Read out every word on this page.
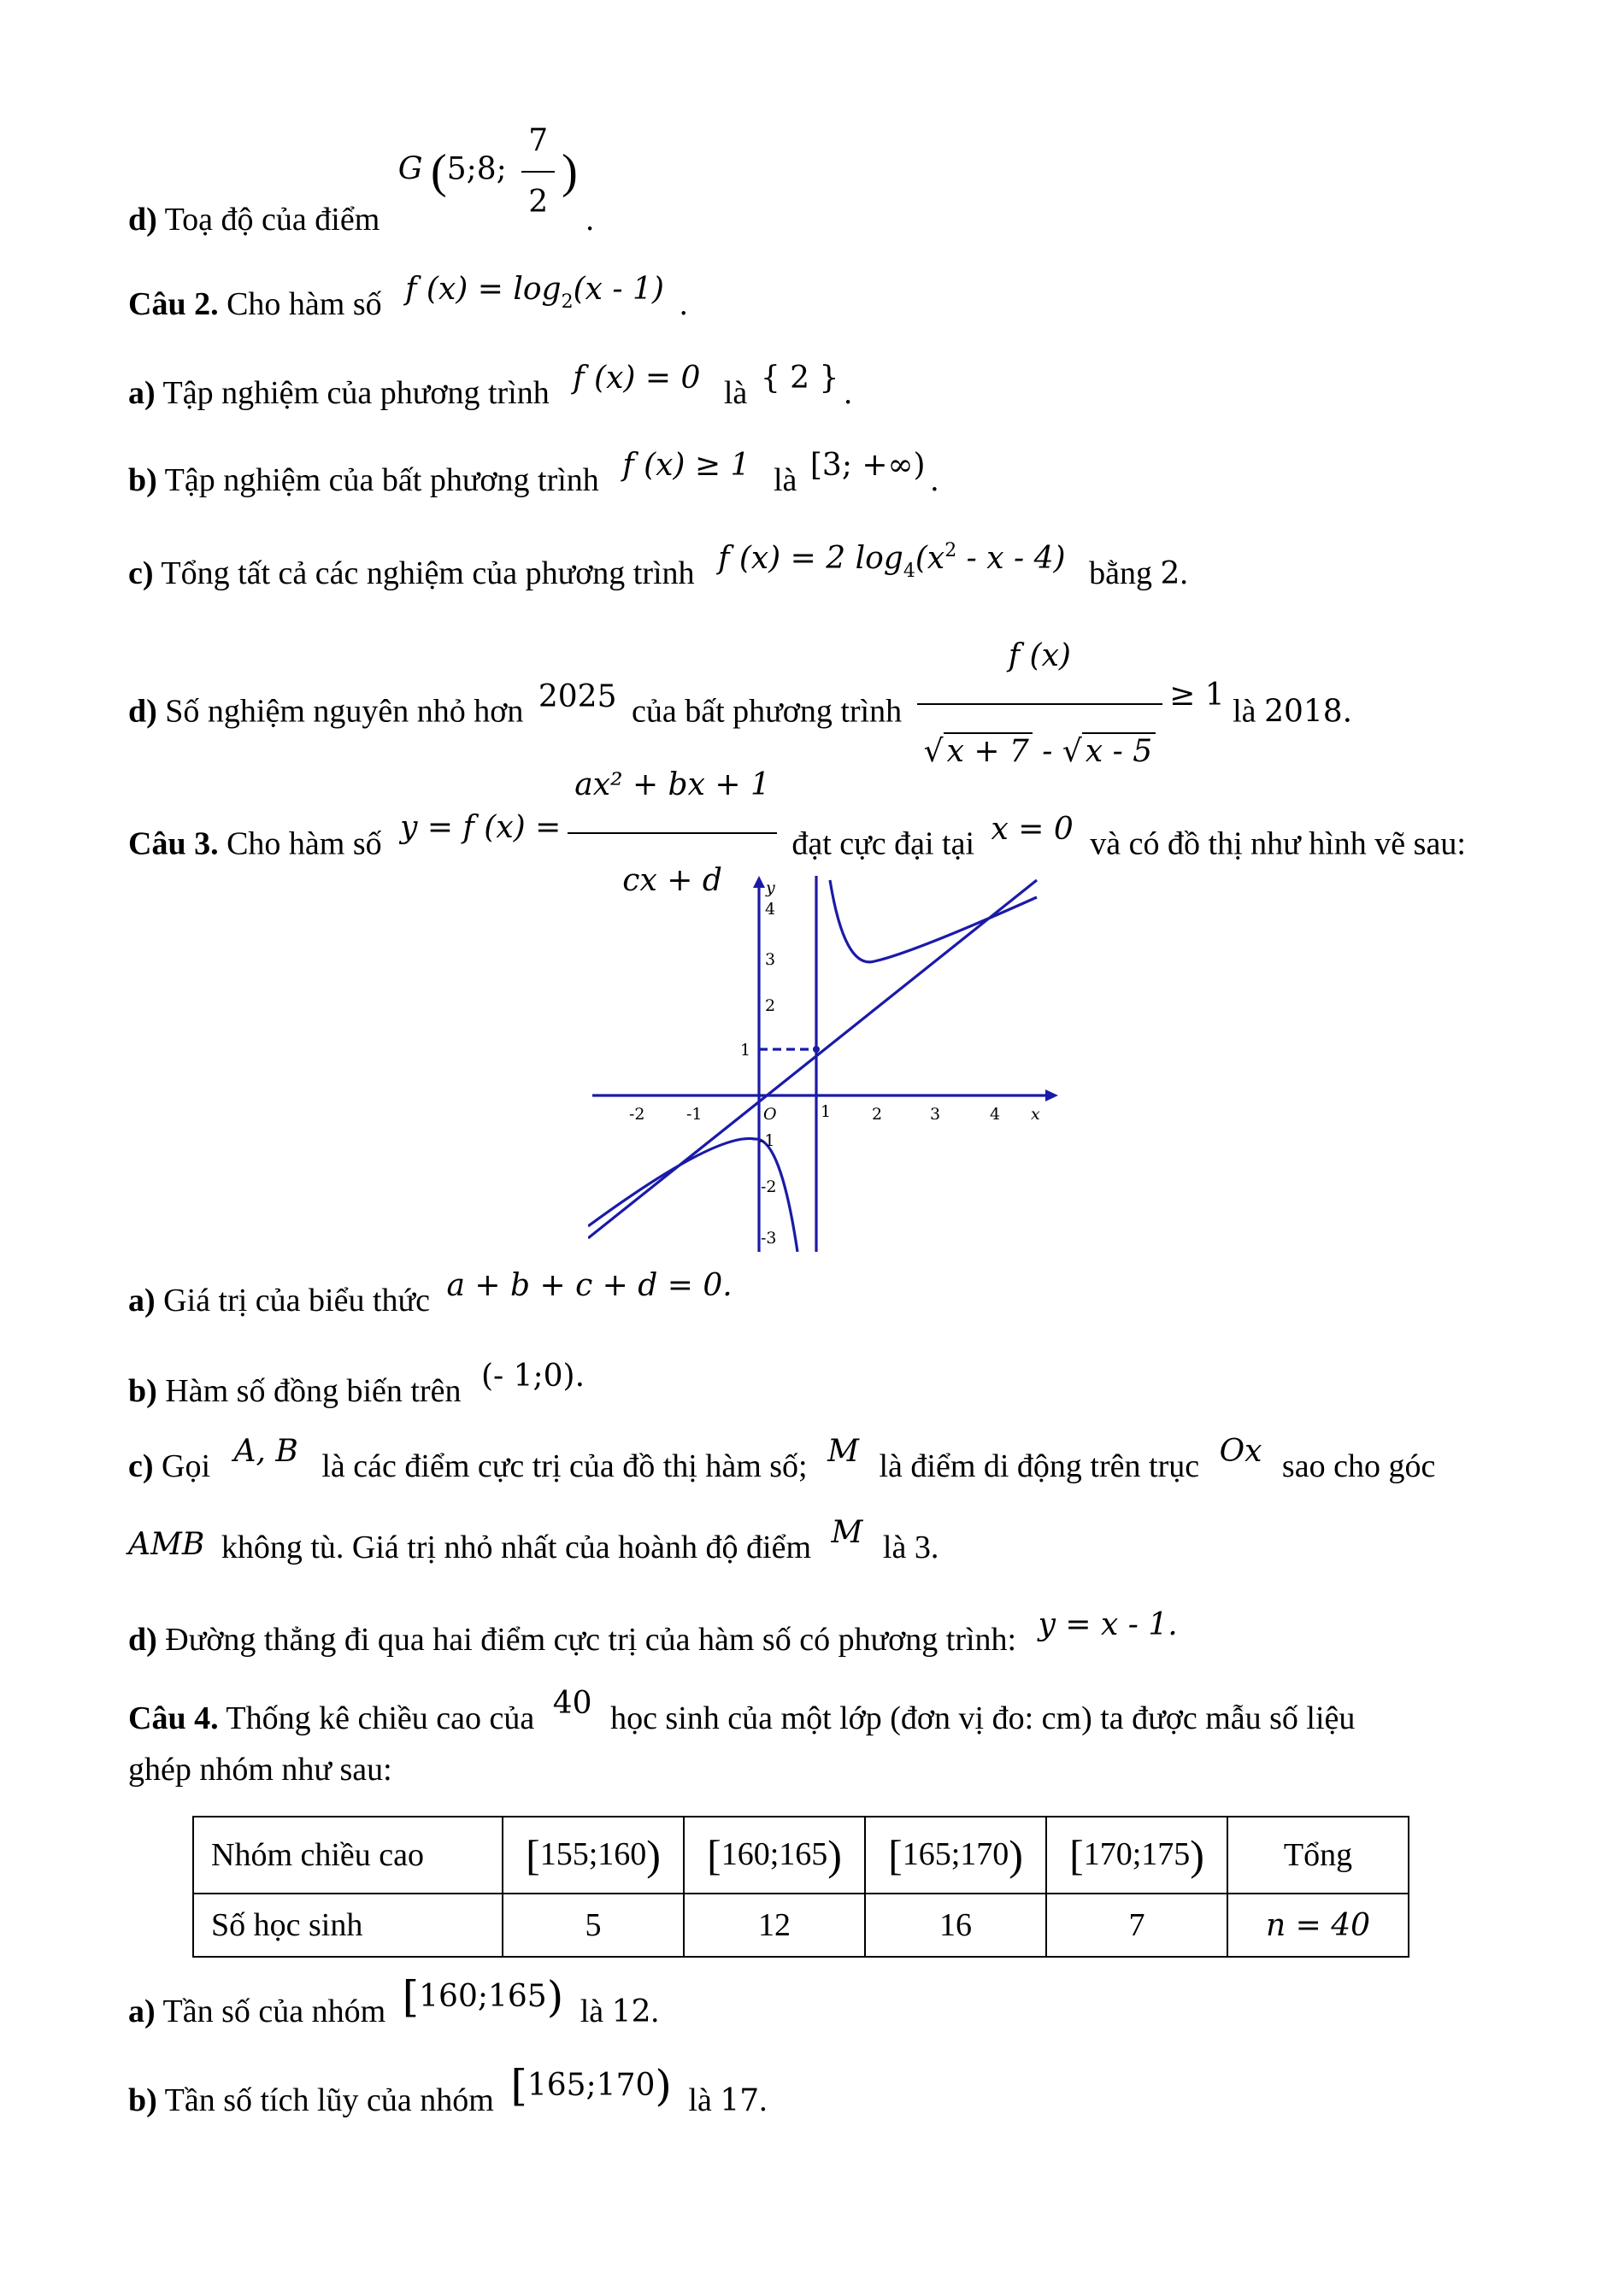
d) Toạ độ của điểm G (5;8; $\frac{7}{2}$ ) .
Câu 2. Cho hàm số f $(x) = \log_2(x - 1)$ .
a) Tập nghiệm của phương trình f (x) = 0 là { 2 } .
b) Tập nghiệm của bất phương trình f (x) ≥ 1 là [3; +∞) .
c) Tổng tất cả các nghiệm của phương trình f (x) = 2 $\log_4(x^2$ - x - 4) bằng 2.
d) Số nghiệm nguyên nhỏ hơn 2025 của bất phương trình $\frac{f (x)}{√ x + 7 - √ x - 5} \ge 1$ là 2018.
Câu 3. Cho hàm số y = f $(x) = \frac{\text{ax² + bx + 1}}{cx + d}$ đạt cực đại tại x = 0 và có đồ thị như hình vẽ sau:
y
x
O
-2	-1	1	2	3	4
4
3
2
1
-1
-2
-3
a) Giá trị của biểu thức a + b + c + d = 0.
b) Hàm số đồng biến trên (- 1;0).
c) Gọi A, B là các điểm cực trị của đồ thị hàm số; M là điểm di động trên trục Ox sao cho góc
AMB không tù. Giá trị nhỏ nhất của hoành độ điểm M là 3.
d) Đường thẳng đi qua hai điểm cực trị của hàm số có phương trình: y = x - 1.
Câu 4. Thống kê chiều cao của 40 học sinh của một lớp (đơn vị đo: cm) ta được mẫu số liệu
ghép nhóm như sau:
Nhóm chiều cao	[155;160)	[160;165)	[165;170)	[170;175)	Tổng
Số học sinh	5	12	16	7	n = 40
a) Tần số của nhóm [160;165) là 12.
b) Tần số tích lũy của nhóm [165;170) là 17.
